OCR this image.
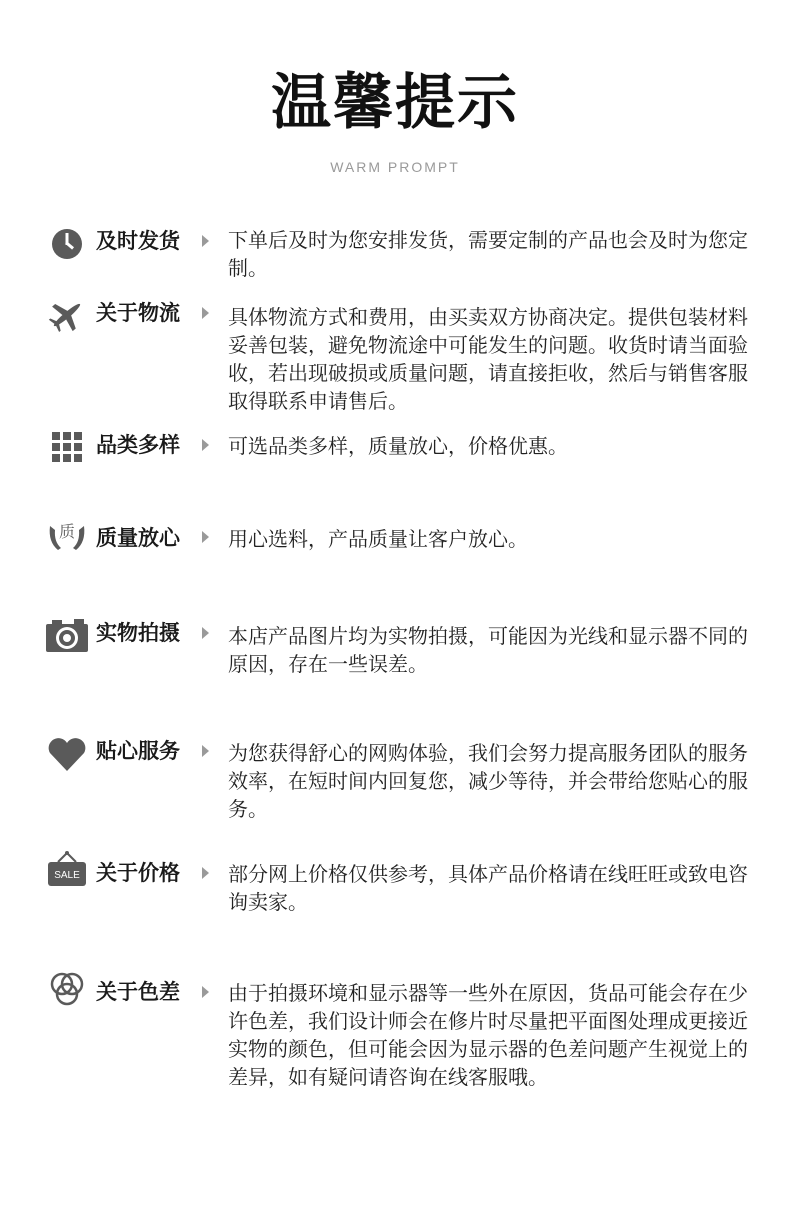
温馨提示
WARM PROMPT
及时发货 下单后及时为您安排发货，需要定制的产品也会及时为您定制。
关于物流 具体物流方式和费用，由买卖双方协商决定。提供包装材料妥善包装，避免物流途中可能发生的问题。收货时请当面验收，若出现破损或质量问题，请直接拒收，然后与销售客服取得联系申请售后。
品类多样 可选品类多样，质量放心，价格优惠。
质 质量放心 用心选料，产品质量让客户放心。
实物拍摄 本店产品图片均为实物拍摄，可能因为光线和显示器不同的原因，存在一些误差。
贴心服务 为您获得舒心的网购体验，我们会努力提高服务团队的服务效率，在短时间内回复您，减少等待，并会带给您贴心的服务。
SALE 关于价格 部分网上价格仅供参考，具体产品价格请在线旺旺或致电咨询卖家。
关于色差 由于拍摄环境和显示器等一些外在原因，货品可能会存在少许色差，我们设计师会在修片时尽量把平面图处理成更接近实物的颜色，但可能会因为显示器的色差问题产生视觉上的差异，如有疑问请咨询在线客服哦。
